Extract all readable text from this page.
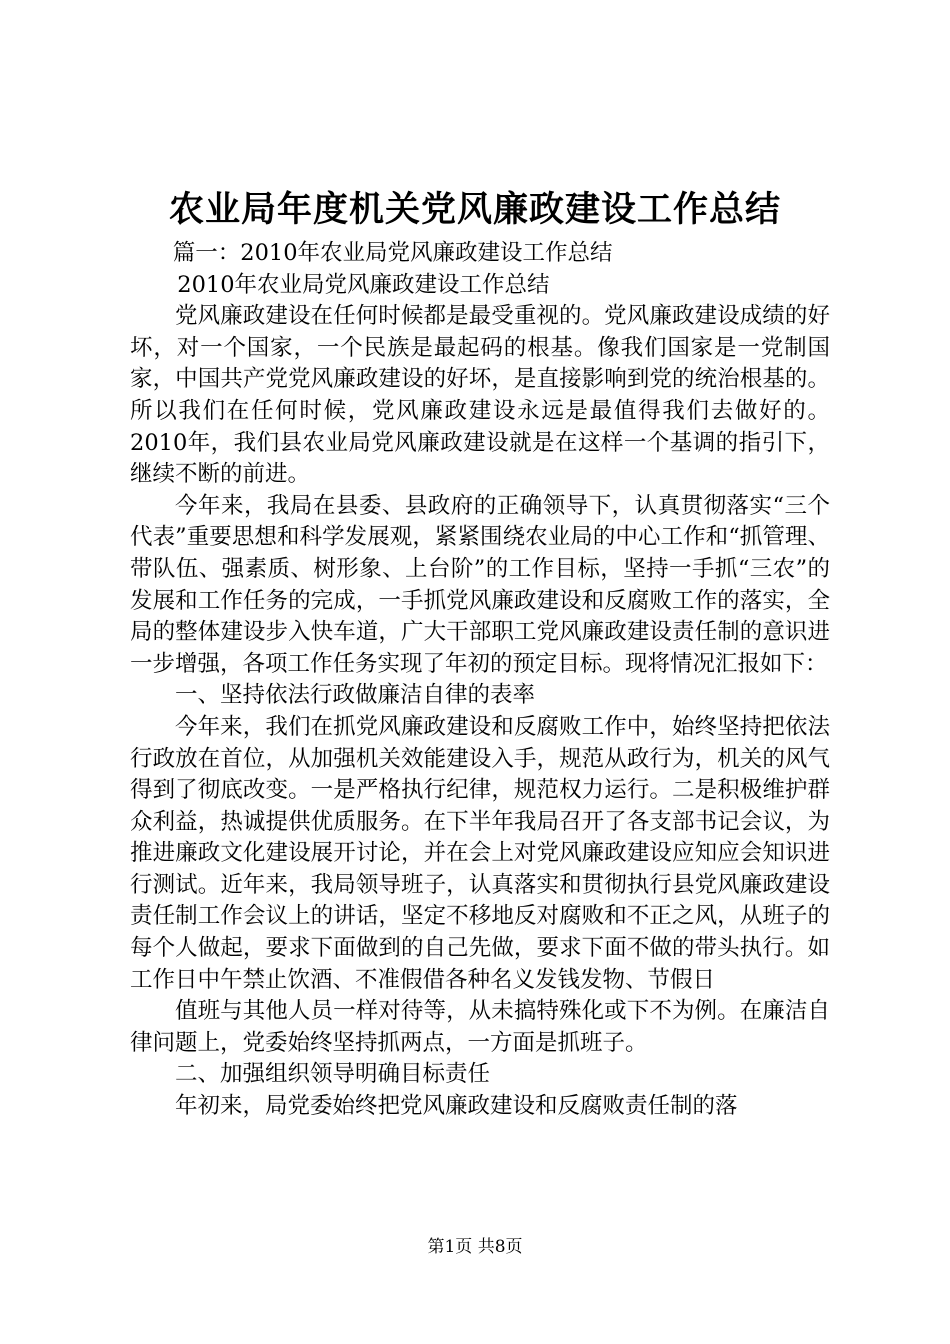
农业局年度机关党风廉政建设工作总结

篇一：2010年农业局党风廉政建设工作总结

2010年农业局党风廉政建设工作总结

党风廉政建设在任何时候都是最受重视的。党风廉政建设成绩的好坏，对一个国家，一个民族是最起码的根基。像我们国家是一党制国家，中国共产党党风廉政建设的好坏，是直接影响到党的统治根基的。所以我们在任何时候，党风廉政建设永远是最值得我们去做好的。2010年，我们县农业局党风廉政建设就是在这样一个基调的指引下，继续不断的前进。

今年来，我局在县委、县政府的正确领导下，认真贯彻落实“三个代表”重要思想和科学发展观，紧紧围绕农业局的中心工作和“抓管理、带队伍、强素质、树形象、上台阶”的工作目标，坚持一手抓“三农”的发展和工作任务的完成，一手抓党风廉政建设和反腐败工作的落实，全局的整体建设步入快车道，广大干部职工党风廉政建设责任制的意识进一步增强，各项工作任务实现了年初的预定目标。现将情况汇报如下：

一、坚持依法行政做廉洁自律的表率

今年来，我们在抓党风廉政建设和反腐败工作中，始终坚持把依法行政放在首位，从加强机关效能建设入手，规范从政行为，机关的风气得到了彻底改变。一是严格执行纪律，规范权力运行。二是积极维护群众利益，热诚提供优质服务。在下半年我局召开了各支部书记会议，为推进廉政文化建设展开讨论，并在会上对党风廉政建设应知应会知识进行测试。近年来，我局领导班子，认真落实和贯彻执行县党风廉政建设责任制工作会议上的讲话，坚定不移地反对腐败和不正之风，从班子的每个人做起，要求下面做到的自己先做，要求下面不做的带头执行。如工作日中午禁止饮酒、不准假借各种名义发钱发物、节假日

值班与其他人员一样对待等，从未搞特殊化或下不为例。在廉洁自律问题上，党委始终坚持抓两点，一方面是抓班子。

二、加强组织领导明确目标责任

年初来，局党委始终把党风廉政建设和反腐败责任制的落

第1页 共8页
